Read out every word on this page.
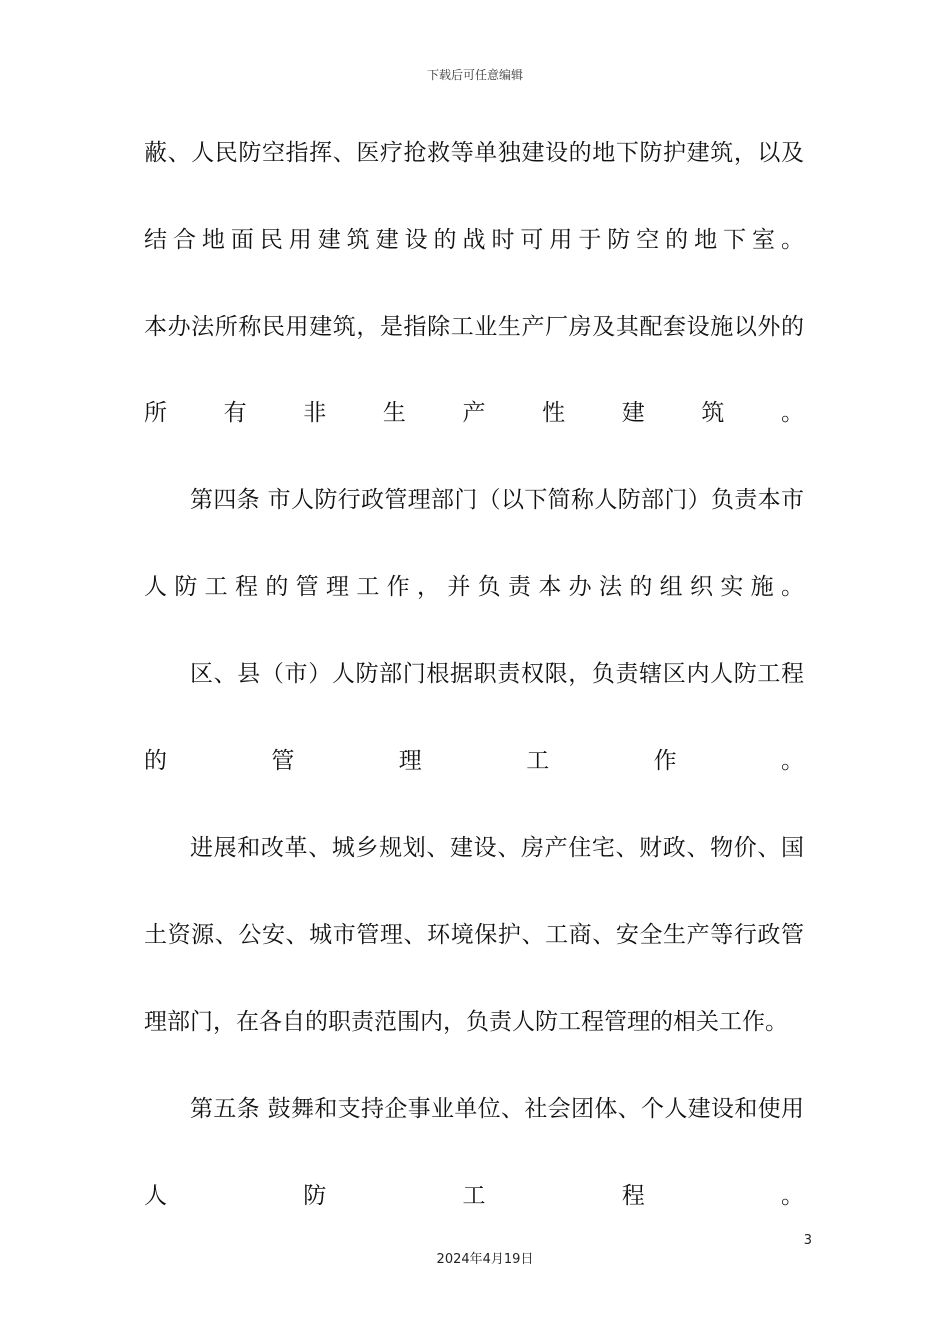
下载后可任意编辑
蔽、人民防空指挥、医疗抢救等单独建设的地下防护建筑，以及
结合地面民用建筑建设的战时可用于防空的地下室。
本办法所称民用建筑，是指除工业生产厂房及其配套设施以外的
所有非生产性建筑。
第四条 市人防行政管理部门（以下简称人防部门）负责本市
人防工程的管理工作，并负责本办法的组织实施。
区、县（市）人防部门根据职责权限，负责辖区内人防工程
的管理工作。
进展和改革、城乡规划、建设、房产住宅、财政、物价、国
土资源、公安、城市管理、环境保护、工商、安全生产等行政管
理部门，在各自的职责范围内，负责人防工程管理的相关工作。
第五条 鼓舞和支持企事业单位、社会团体、个人建设和使用
人防工程。
3
2024年4月19日
